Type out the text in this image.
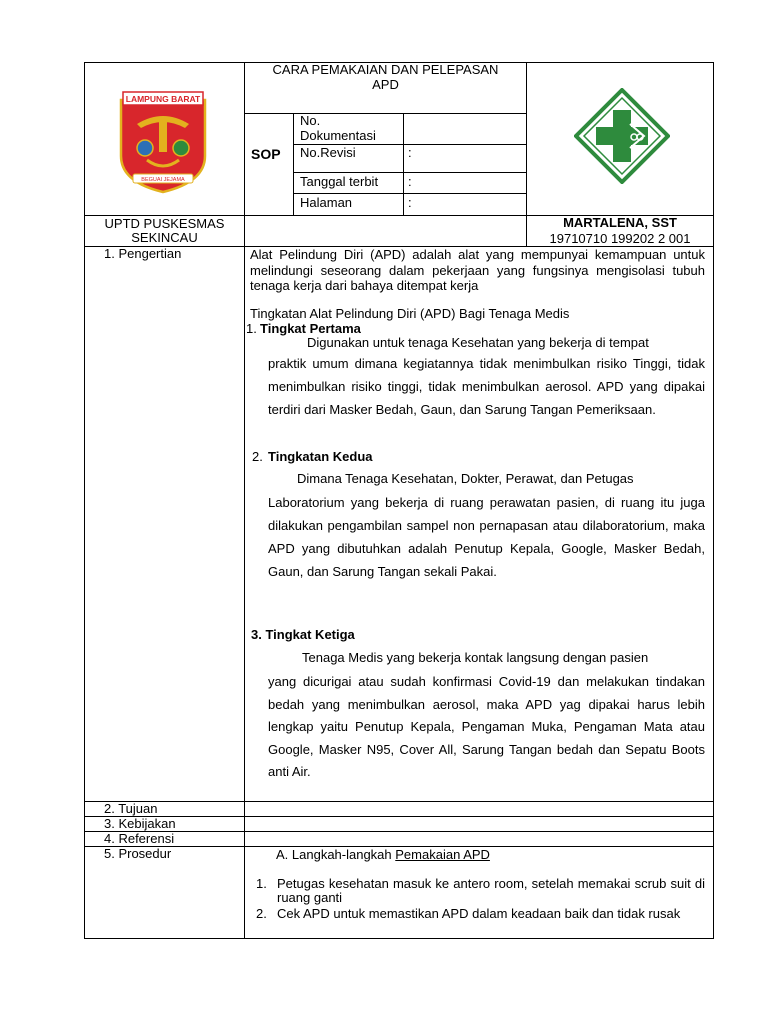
LAMPUNG BARAT
BEGUAI JEJAMA
CARA PEMAKAIAN DAN PELEPASAN
APD
SOP
No.
Dokumentasi
No.Revisi	:
Tanggal terbit :
Halaman	:
UPTD PUSKESMAS
SEKINCAU
MARTALENA, SST
19710710 199202 2 001
1. Pengertian
2. Tujuan
3. Kebijakan
4. Referensi
5. Prosedur
Alat Pelindung Diri (APD) adalah alat yang mempunyai kemampuan untuk melindungi seseorang dalam pekerjaan yang fungsinya mengisolasi tubuh tenaga kerja dari bahaya ditempat kerja
Tingkatan Alat Pelindung Diri (APD) Bagi Tenaga Medis
1. Tingkat Pertama
Digunakan untuk tenaga Kesehatan yang bekerja di tempat
praktik umum dimana kegiatannya tidak menimbulkan risiko Tinggi, tidak menimbulkan risiko tinggi, tidak menimbulkan aerosol. APD yang dipakai terdiri dari Masker Bedah, Gaun, dan Sarung Tangan Pemeriksaan.
2. Tingkatan Kedua
Dimana Tenaga Kesehatan, Dokter, Perawat, dan Petugas
Laboratorium yang bekerja di ruang perawatan pasien, di ruang itu juga dilakukan pengambilan sampel non pernapasan atau dilaboratorium, maka APD yang dibutuhkan adalah Penutup Kepala, Google, Masker Bedah, Gaun, dan Sarung Tangan sekali Pakai.
3. Tingkat Ketiga
Tenaga Medis yang bekerja kontak langsung dengan pasien
yang dicurigai atau sudah konfirmasi Covid-19 dan melakukan tindakan bedah yang menimbulkan aerosol, maka APD yag dipakai harus lebih lengkap yaitu Penutup Kepala, Pengaman Muka, Pengaman Mata atau Google, Masker N95, Cover All, Sarung Tangan bedah dan Sepatu Boots anti Air.
A. Langkah-langkah Pemakaian APD
1. Petugas kesehatan masuk ke antero room, setelah memakai scrub suit di ruang ganti
2. Cek APD untuk memastikan APD dalam keadaan baik dan tidak rusak
